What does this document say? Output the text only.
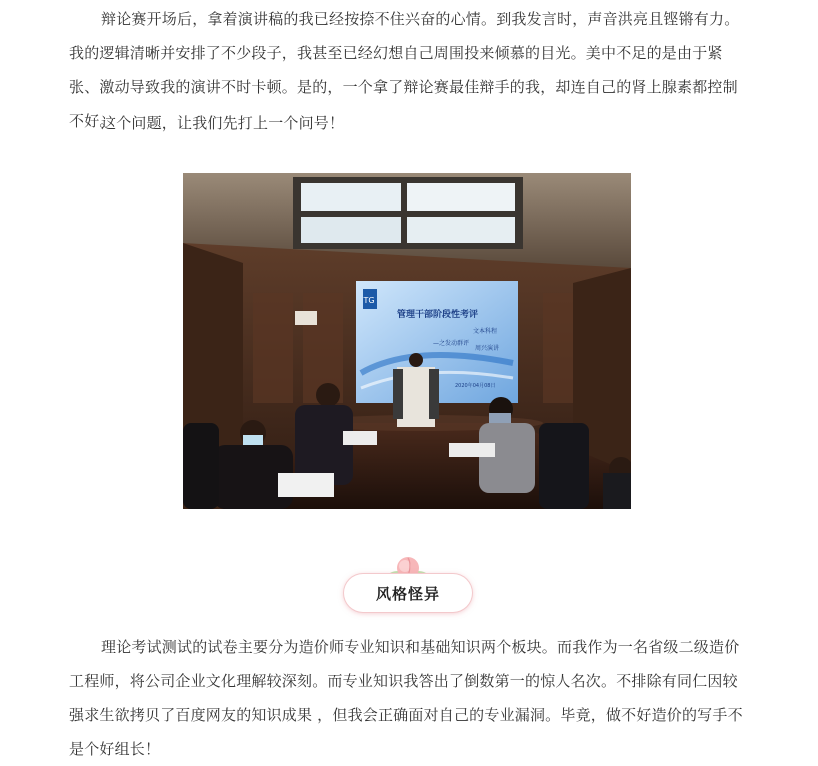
辩论赛开场后，拿着演讲稿的我已经按捺不住兴奋的心情。到我发言时，声音洪亮且铿锵有力。我的逻辑清晰并安排了不少段子，我甚至已经幻想自己周围投来倾慕的目光。美中不足的是由于紧张、激动导致我的演讲不时卡顿。是的，一个拿了辩论赛最佳辩手的我，却连自己的肾上腺素都控制不好。

这个问题，让我们先打上一个问号！

TG
管理干部阶段性考评
—之发动群评
文本科程
周兴演讲
2020年04月08日
风格怪异

理论考试测试的试卷主要分为造价师专业知识和基础知识两个板块。而我作为一名省级二级造价工程师，将公司企业文化理解较深刻。而专业知识我答出了倒数第一的惊人名次。不排除有同仁因较强求生欲拷贝了百度网友的知识成果 ，但我会正确面对自己的专业漏洞。毕竟，做不好造价的写手不是个好组长！
